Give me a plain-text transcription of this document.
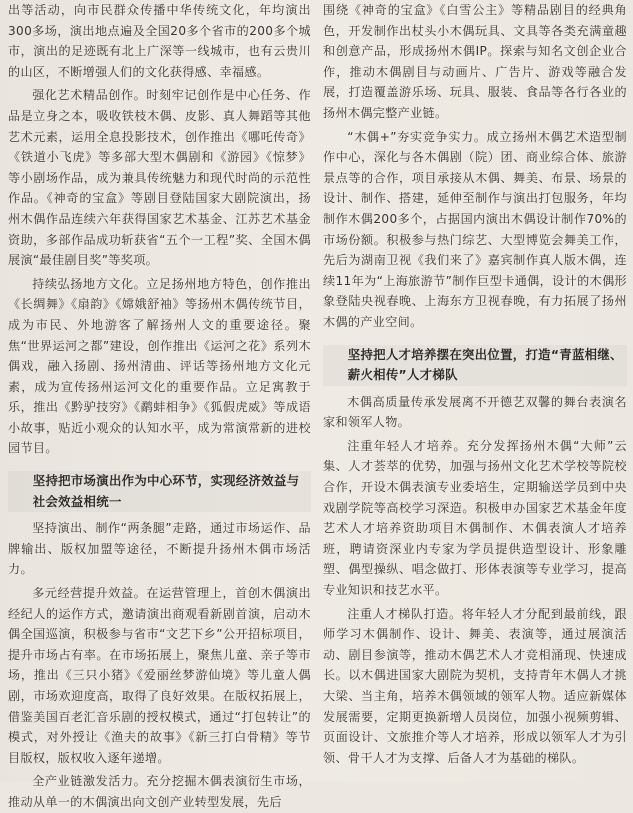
出等活动，向市民群众传播中华传统文化，年均演出300多场，演出地点遍及全国20多个省市的200多个城市，演出的足迹既有北上广深等一线城市，也有云贵川的山区，不断增强人们的文化获得感、幸福感。

强化艺术精品创作。时刻牢记创作是中心任务、作品是立身之本，吸收铁枝木偶、皮影、真人舞蹈等其他艺术元素，运用全息投影技术，创作推出《哪吒传奇》《铁道小飞虎》等多部大型木偶剧和《游园》《惊梦》等小剧场作品，成为兼具传统魅力和现代时尚的示范性作品。《神奇的宝盒》等剧目登陆国家大剧院演出，扬州木偶作品连续六年获得国家艺术基金、江苏艺术基金资助，多部作品成功斩获省“五个一工程”奖、全国木偶展演“最佳剧目奖”等奖项。

持续弘扬地方文化。立足扬州地方特色，创作推出《长绸舞》《扇韵》《嫦娥舒袖》等扬州木偶传统节目，成为市民、外地游客了解扬州人文的重要途径。聚焦“世界运河之都”建设，创作推出《运河之花》系列木偶戏，融入扬剧、扬州清曲、评话等扬州地方文化元素，成为宣传扬州运河文化的重要作品。立足寓教于乐，推出《黔驴技穷》《鹬蚌相争》《狐假虎威》等成语小故事，贴近小观众的认知水平，成为常演常新的进校园节目。

坚持把市场演出作为中心环节，实现经济效益与社会效益相统一

坚持演出、制作“两条腿”走路，通过市场运作、品牌输出、版权加盟等途径，不断提升扬州木偶市场活力。

多元经营提升效益。在运营管理上，首创木偶演出经纪人的运作方式，邀请演出商观看新剧首演，启动木偶全国巡演，积极参与省市“文艺下乡”公开招标项目，提升市场占有率。在市场拓展上，聚焦儿童、亲子等市场，推出《三只小猪》《爱丽丝梦游仙境》等儿童人偶剧，市场欢迎度高，取得了良好效果。在版权拓展上，借鉴美国百老汇音乐剧的授权模式，通过“打包转让”的模式，对外授让《渔夫的故事》《新三打白骨精》等节目版权，版权收入逐年递增。

全产业链激发活力。充分挖掘木偶表演衍生市场，推动从单一的木偶演出向文创产业转型发展，先后

围绕《神奇的宝盒》《白雪公主》等精品剧目的经典角色，开发制作出杖头小木偶玩具、文具等各类充满童趣和创意产品，形成扬州木偶IP。探索与知名文创企业合作，推动木偶剧目与动画片、广告片、游戏等融合发展，打造覆盖游乐场、玩具、服装、食品等各行各业的扬州木偶完整产业链。

“木偶+”夯实竞争实力。成立扬州木偶艺术造型制作中心，深化与各木偶剧（院）团、商业综合体、旅游景点等的合作，项目承接从木偶、舞美、布景、场景的设计、制作、搭建，延伸至制作与演出打包服务，年均制作木偶200多个，占据国内演出木偶设计制作70%的市场份额。积极参与热门综艺、大型博览会舞美工作，先后为湖南卫视《我们来了》嘉宾制作真人版木偶，连续11年为“上海旅游节”制作巨型卡通偶，设计的木偶形象登陆央视春晚、上海东方卫视春晚，有力拓展了扬州木偶的产业空间。

坚持把人才培养摆在突出位置，打造“青蓝相继、薪火相传”人才梯队

木偶高质量传承发展离不开德艺双馨的舞台表演名家和领军人物。

注重年轻人才培养。充分发挥扬州木偶“大师”云集、人才荟萃的优势，加强与扬州文化艺术学校等院校合作，开设木偶表演专业委培生，定期输送学员到中央戏剧学院等高校学习深造。积极申办国家艺术基金年度艺术人才培养资助项目木偶制作、木偶表演人才培养班，聘请资深业内专家为学员提供造型设计、形象雕塑、偶型操纵、唱念做打、形体表演等专业学习，提高专业知识和技艺水平。

注重人才梯队打造。将年轻人才分配到最前线，跟师学习木偶制作、设计、舞美、表演等，通过展演活动、剧目参演等，推动木偶艺术人才竞相涌现、快速成长。以木偶进国家大剧院为契机，支持青年木偶人才挑大梁、当主角，培养木偶领域的领军人物。适应新媒体发展需要，定期更换新增人员岗位，加强小视频剪辑、页面设计、文旅推介等人才培养，形成以领军人才为引领、骨干人才为支撑、后备人才为基础的梯队。
